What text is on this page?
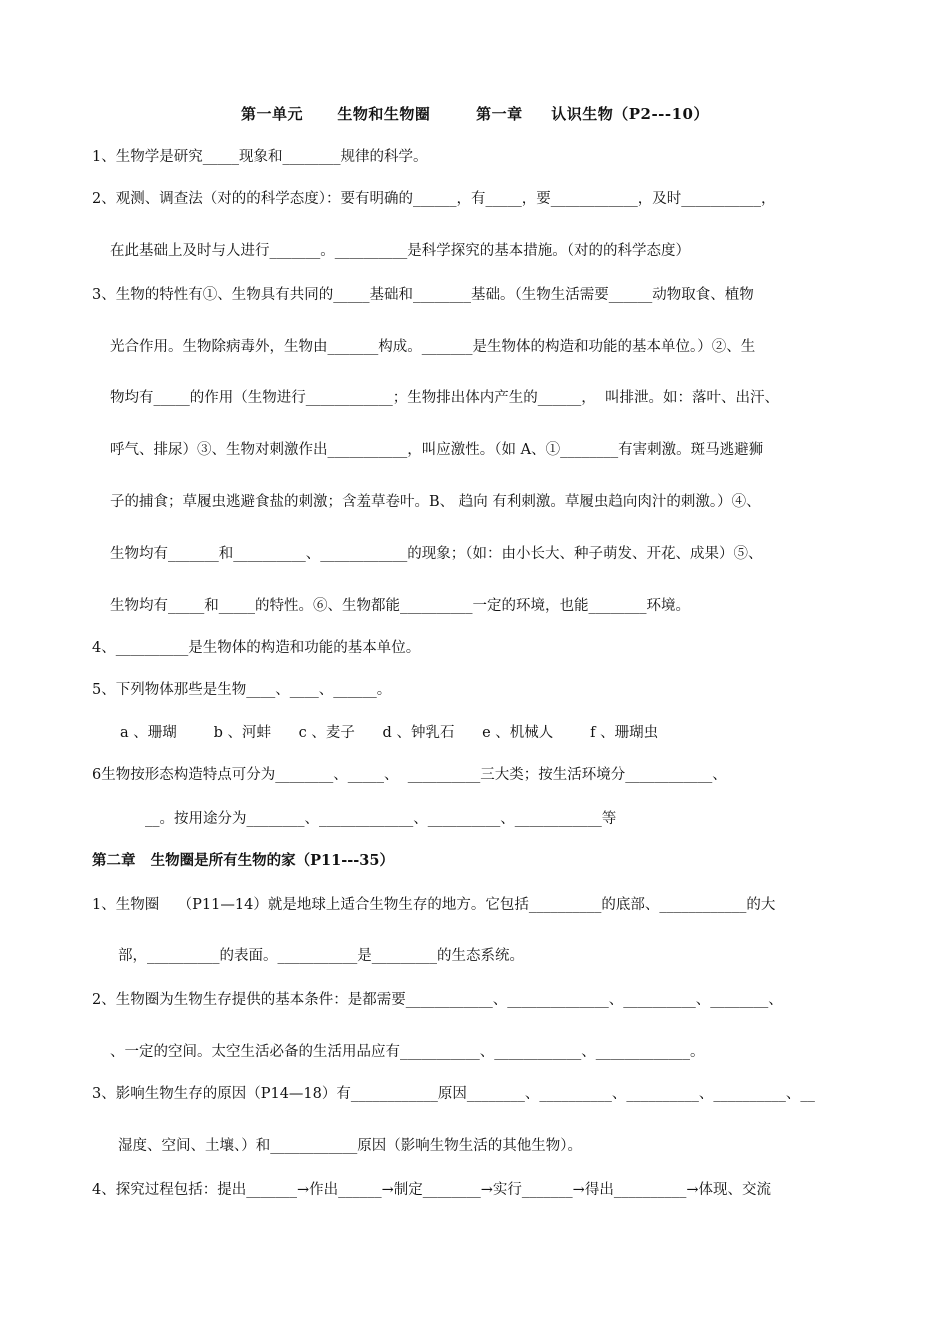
第一单元      生物和生物圈        第一章     认识生物（P2---10）
1、生物学是研究_____现象和________规律的科学。
2、观测、调查法（对的的科学态度）：要有明确的______，有_____，要____________，及时___________，
在此基础上及时与人进行_______。__________是科学探究的基本措施。（对的的科学态度）
3、生物的特性有①、生物具有共同的_____基础和________基础。（生物生活需要______动物取食、植物
光合作用。生物除病毒外，生物由_______构成。_______是生物体的构造和功能的基本单位。）②、生
物均有_____的作用（生物进行____________；生物排出体内产生的______，  叫排泄。如：落叶、出汗、
呼气、排尿）③、生物对刺激作出___________，叫应激性。（如 A、①________有害刺激。斑马逃避狮
子的捕食；草履虫逃避食盐的刺激；含羞草卷叶。B、 趋向 有利刺激。草履虫趋向肉汁的刺激。）④、
生物均有_______和__________、____________的现象；（如：由小长大、种子萌发、开花、成果）⑤、
生物均有_____和_____的特性。⑥、生物都能__________一定的环境，也能________环境。
4、__________是生物体的构造和功能的基本单位。
5、下列物体那些是生物____、____、______。
a 、珊瑚        b 、河蚌      c 、麦子      d 、钟乳石      e 、机械人        f 、珊瑚虫
6生物按形态构造特点可分为________、_____、  __________三大类；按生活环境分____________、
__。按用途分为________、_____________、__________、____________等
第二章   生物圈是所有生物的家（P11---35）
1、生物圈    （P11—14）就是地球上适合生物生存的地方。它包括__________的底部、____________的大
部，__________的表面。___________是_________的生态系统。
2、生物圈为生物生存提供的基本条件：是都需要____________、______________、__________、________、
、一定的空间。太空生活必备的生活用品应有___________、____________、_____________。
3、影响生物生存的原因（P14—18）有____________原因________、__________、__________、__________、__
湿度、空间、土壤、）和____________原因（影响生物生活的其他生物）。
4、探究过程包括：提出_______→作出______→制定________→实行_______→得出__________→体现、交流
